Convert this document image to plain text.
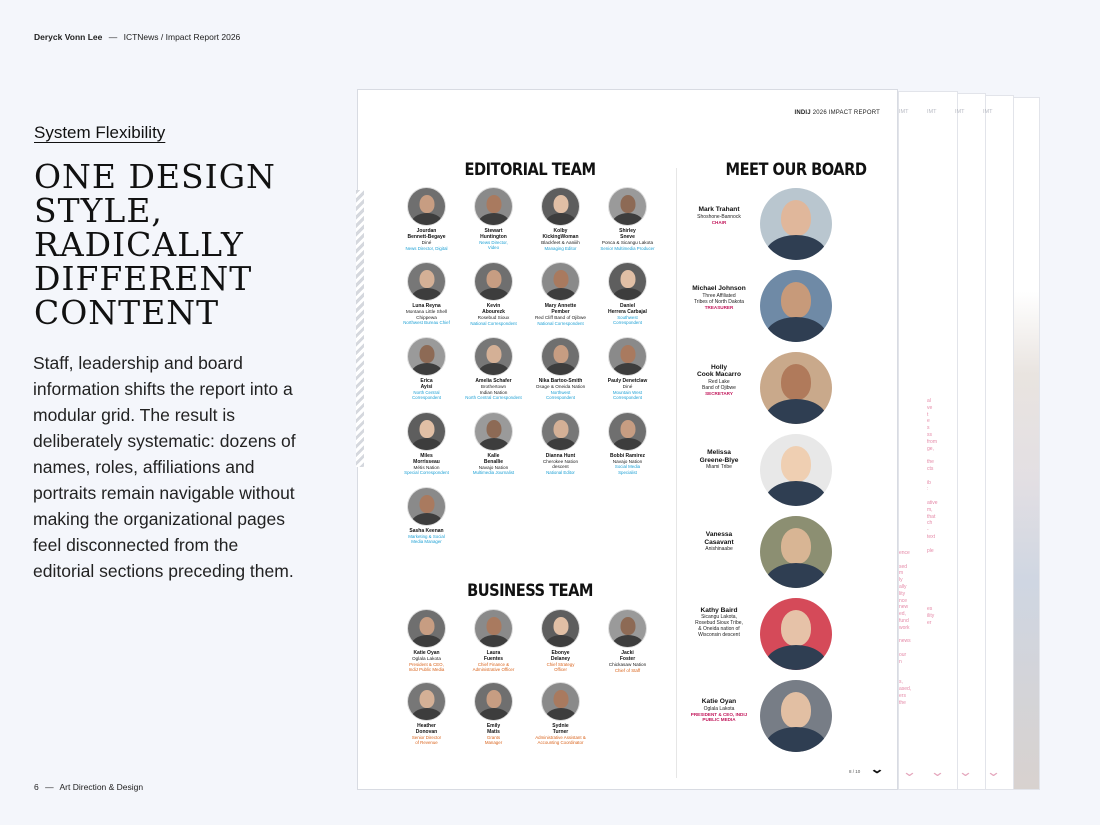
Deryck Vonn Lee — ICTNews / Impact Report 2026
6 — Art Direction & Design
System Flexibility
ONE DESIGN
STYLE,
RADICALLY
DIFFERENT
CONTENT

Staff, leadership and board information shifts the report into a modular grid. The result is deliberately systematic: dozens of names, roles, affiliations and portraits remain navigable without making the organizational pages feel disconnected from the editorial sections preceding them.

IMT	IMT	IMT	IMT
⌄ ⌄ ⌄ ⌄
al
ve
t
e
s
ss
from
ge,

the
cts

ib
:

ative
m,
that
ch
-
text

ple
ence

sed
m
ly
ally
lity
nce
new
ed,
fund
work

news

our
n

s,
ased,
ers
the
es
ility
er
INDIJ 2026 IMPACT REPORT
EDITORIAL TEAM
Jourdan
Bennett-Begaye
Diné
News Director, Digital
Stewart
Huntington
News Director,
Video
Kolby
KickingWoman
Blackfeet & Aaniiih
Managing Editor
Shirley
Sneve
Ponca & Sicangu Lakota
Senior Multimedia Producer
Luna Reyna
Montana Little Shell
Chippewa
Northwest Bureau Chief
Kevin
Abourezk
Rosebud Sioux
National Correspondent
Mary Annette
Pember
Red Cliff Band of Ojibwe
National Correspondent
Daniel
Herrera Carbajal
Southwest
Correspondent
Erica
Ayisi
North Central
Correspondent
Amelia Schafer
Brothertown
Indian Nation
North Central Correspondent
Nika Bartoo-Smith
Osage & Oneida Nation
Northwest
Correspondent
Pauly Denetclaw
Diné
Mountain West
Correspondent
Miles
Morrisseau
Métis Nation
Special Correspondent
Kalle
Benallie
Navajo Nation
Multimedia Journalist
Dianna Hunt
Cherokee Nation
descent
National Editor
Bobbi Ramirez
Navajo Nation
Social Media
Specialist
Sasha Keenan
Marketing & Social
Media Manager
BUSINESS TEAM
Katie Oyan
Oglala Lakota
President & CEO,
IndiJ Public Media
Laura
Fuentes
Chief Finance &
Administrative Officer
Ebonye
Delaney
Chief Strategy
Officer
Jacki
Foster
Chickasaw Nation
Chief of Staff
Heather
Donovan
Senior Director
of Revenue
Emily
Matis
Grants
Manager
Sydnie
Turner
Administrative Assistant &
Accounting Coordinator
MEET OUR BOARD
Mark Trahant
Shoshone-Bannock
CHAIR
Michael Johnson
Three Affiliated
Tribes of North Dakota
TREASURER
Holly
Cook Macarro
Red Lake
Band of Ojibwe
SECRETARY
Melissa
Greene-Blye
Miami Tribe
Vanessa
Casavant
Anishinaabe
Kathy Baird
Sicangu Lakota,
Rosebud Sioux Tribe,
& Oneida nation of
Wisconsin descent
Katie Oyan
Oglala Lakota
PRESIDENT & CEO, INDIJ PUBLIC MEDIA
8 / 10 ⌄
